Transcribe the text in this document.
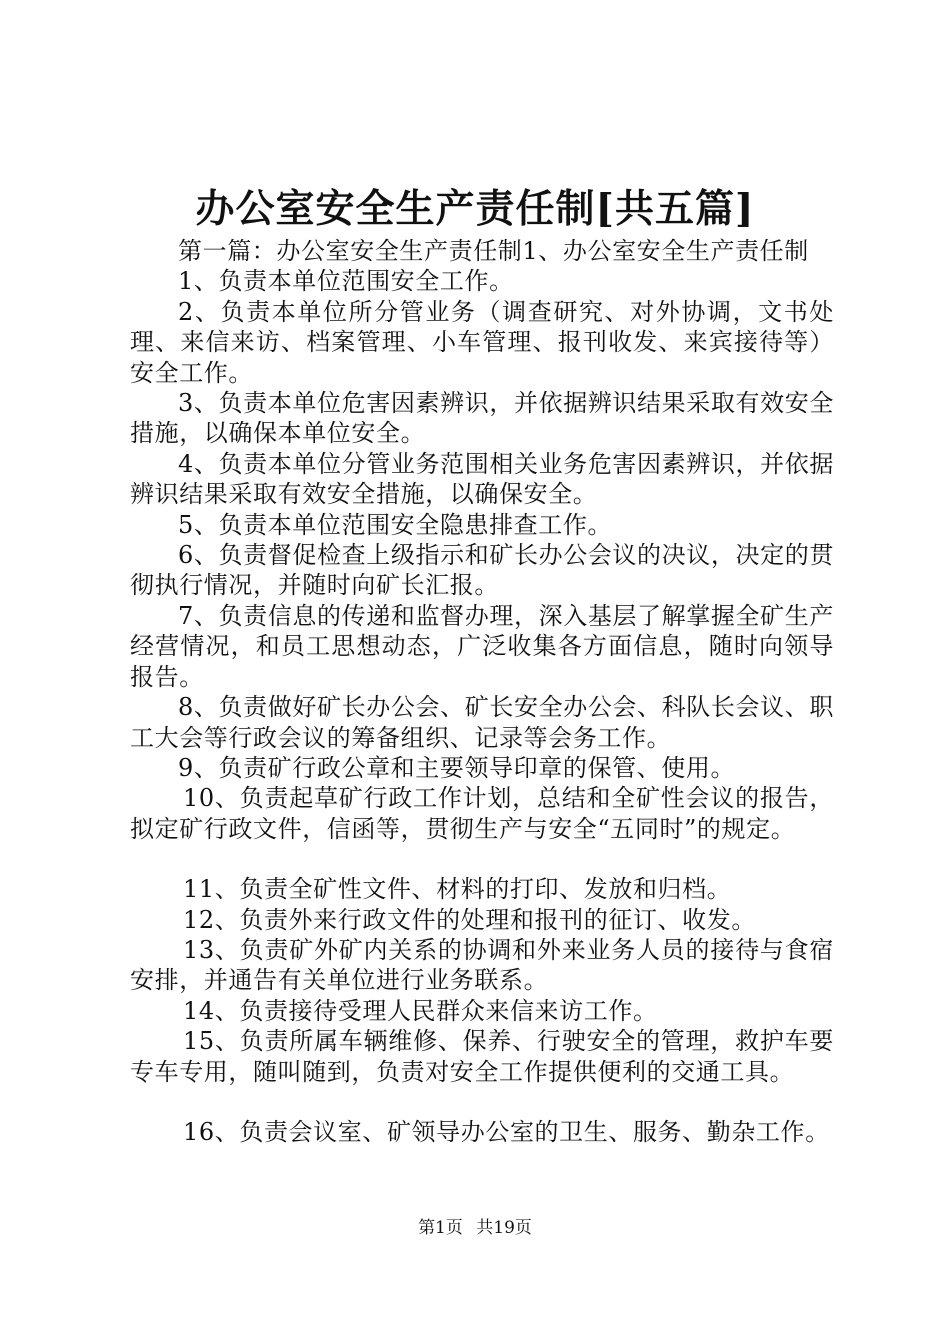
办公室安全生产责任制[共五篇]

第一篇：办公室安全生产责任制1、办公室安全生产责任制

1、负责本单位范围安全工作。

2、负责本单位所分管业务（调查研究、对外协调，文书处理、来信来访、档案管理、小车管理、报刊收发、来宾接待等）安全工作。

3、负责本单位危害因素辨识，并依据辨识结果采取有效安全措施，以确保本单位安全。

4、负责本单位分管业务范围相关业务危害因素辨识，并依据辨识结果采取有效安全措施，以确保安全。

5、负责本单位范围安全隐患排查工作。

6、负责督促检查上级指示和矿长办公会议的决议，决定的贯彻执行情况，并随时向矿长汇报。

7、负责信息的传递和监督办理，深入基层了解掌握全矿生产经营情况，和员工思想动态，广泛收集各方面信息，随时向领导报告。

8、负责做好矿长办公会、矿长安全办公会、科队长会议、职工大会等行政会议的筹备组织、记录等会务工作。

9、负责矿行政公章和主要领导印章的保管、使用。

10、负责起草矿行政工作计划，总结和全矿性会议的报告，拟定矿行政文件，信函等，贯彻生产与安全“五同时”的规定。

11、负责全矿性文件、材料的打印、发放和归档。

12、负责外来行政文件的处理和报刊的征订、收发。

13、负责矿外矿内关系的协调和外来业务人员的接待与食宿安排，并通告有关单位进行业务联系。

14、负责接待受理人民群众来信来访工作。

15、负责所属车辆维修、保养、行驶安全的管理，救护车要专车专用，随叫随到，负责对安全工作提供便利的交通工具。

16、负责会议室、矿领导办公室的卫生、服务、勤杂工作。

第1页 共19页
